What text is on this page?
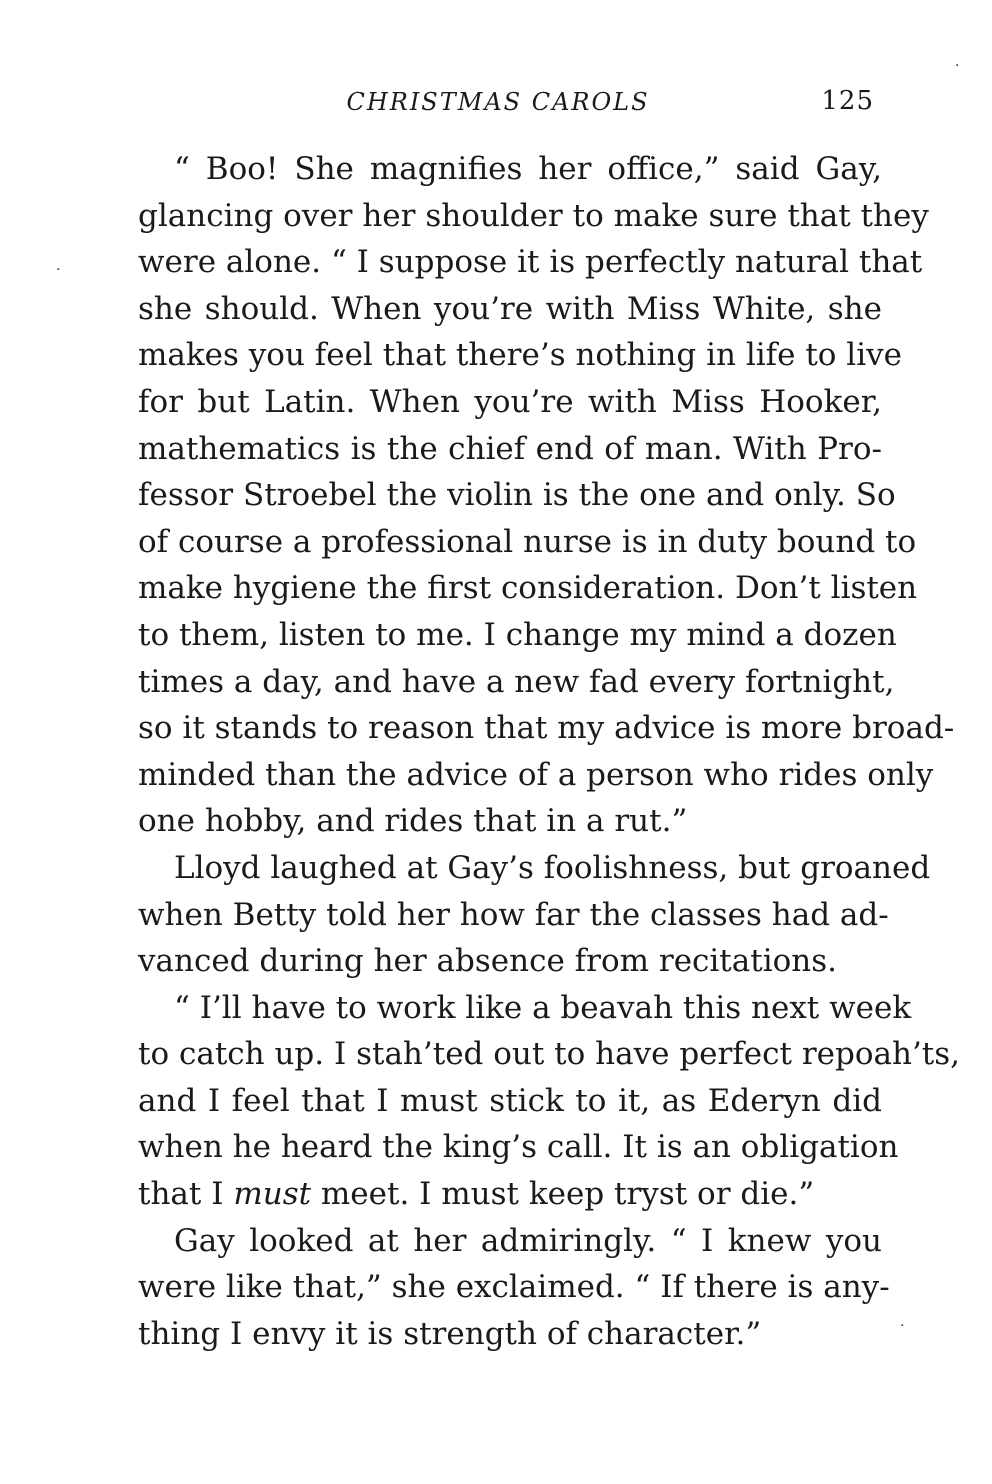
CHRISTMAS CAROLS	125

“ Boo! She magnifies her office,” said Gay,
glancing over her shoulder to make sure that they
were alone. “ I suppose it is perfectly natural that
she should. When you’re with Miss White, she
makes you feel that there’s nothing in life to live
for but Latin. When you’re with Miss Hooker,
mathematics is the chief end of man. With Pro-
fessor Stroebel the violin is the one and only. So
of course a professional nurse is in duty bound to
make hygiene the first consideration. Don’t listen
to them, listen to me. I change my mind a dozen
times a day, and have a new fad every fortnight,
so it stands to reason that my advice is more broad-
minded than the advice of a person who rides only
one hobby, and rides that in a rut.”

Lloyd laughed at Gay’s foolishness, but groaned
when Betty told her how far the classes had ad-
vanced during her absence from recitations.

“ I’ll have to work like a beavah this next week
to catch up. I stah’ted out to have perfect repoah’ts,
and I feel that I must stick to it, as Ederyn did
when he heard the king’s call. It is an obligation
that I must meet. I must keep tryst or die.”

Gay looked at her admiringly. “ I knew you
were like that,” she exclaimed. “ If there is any-
thing I envy it is strength of character.”

·
·
·
